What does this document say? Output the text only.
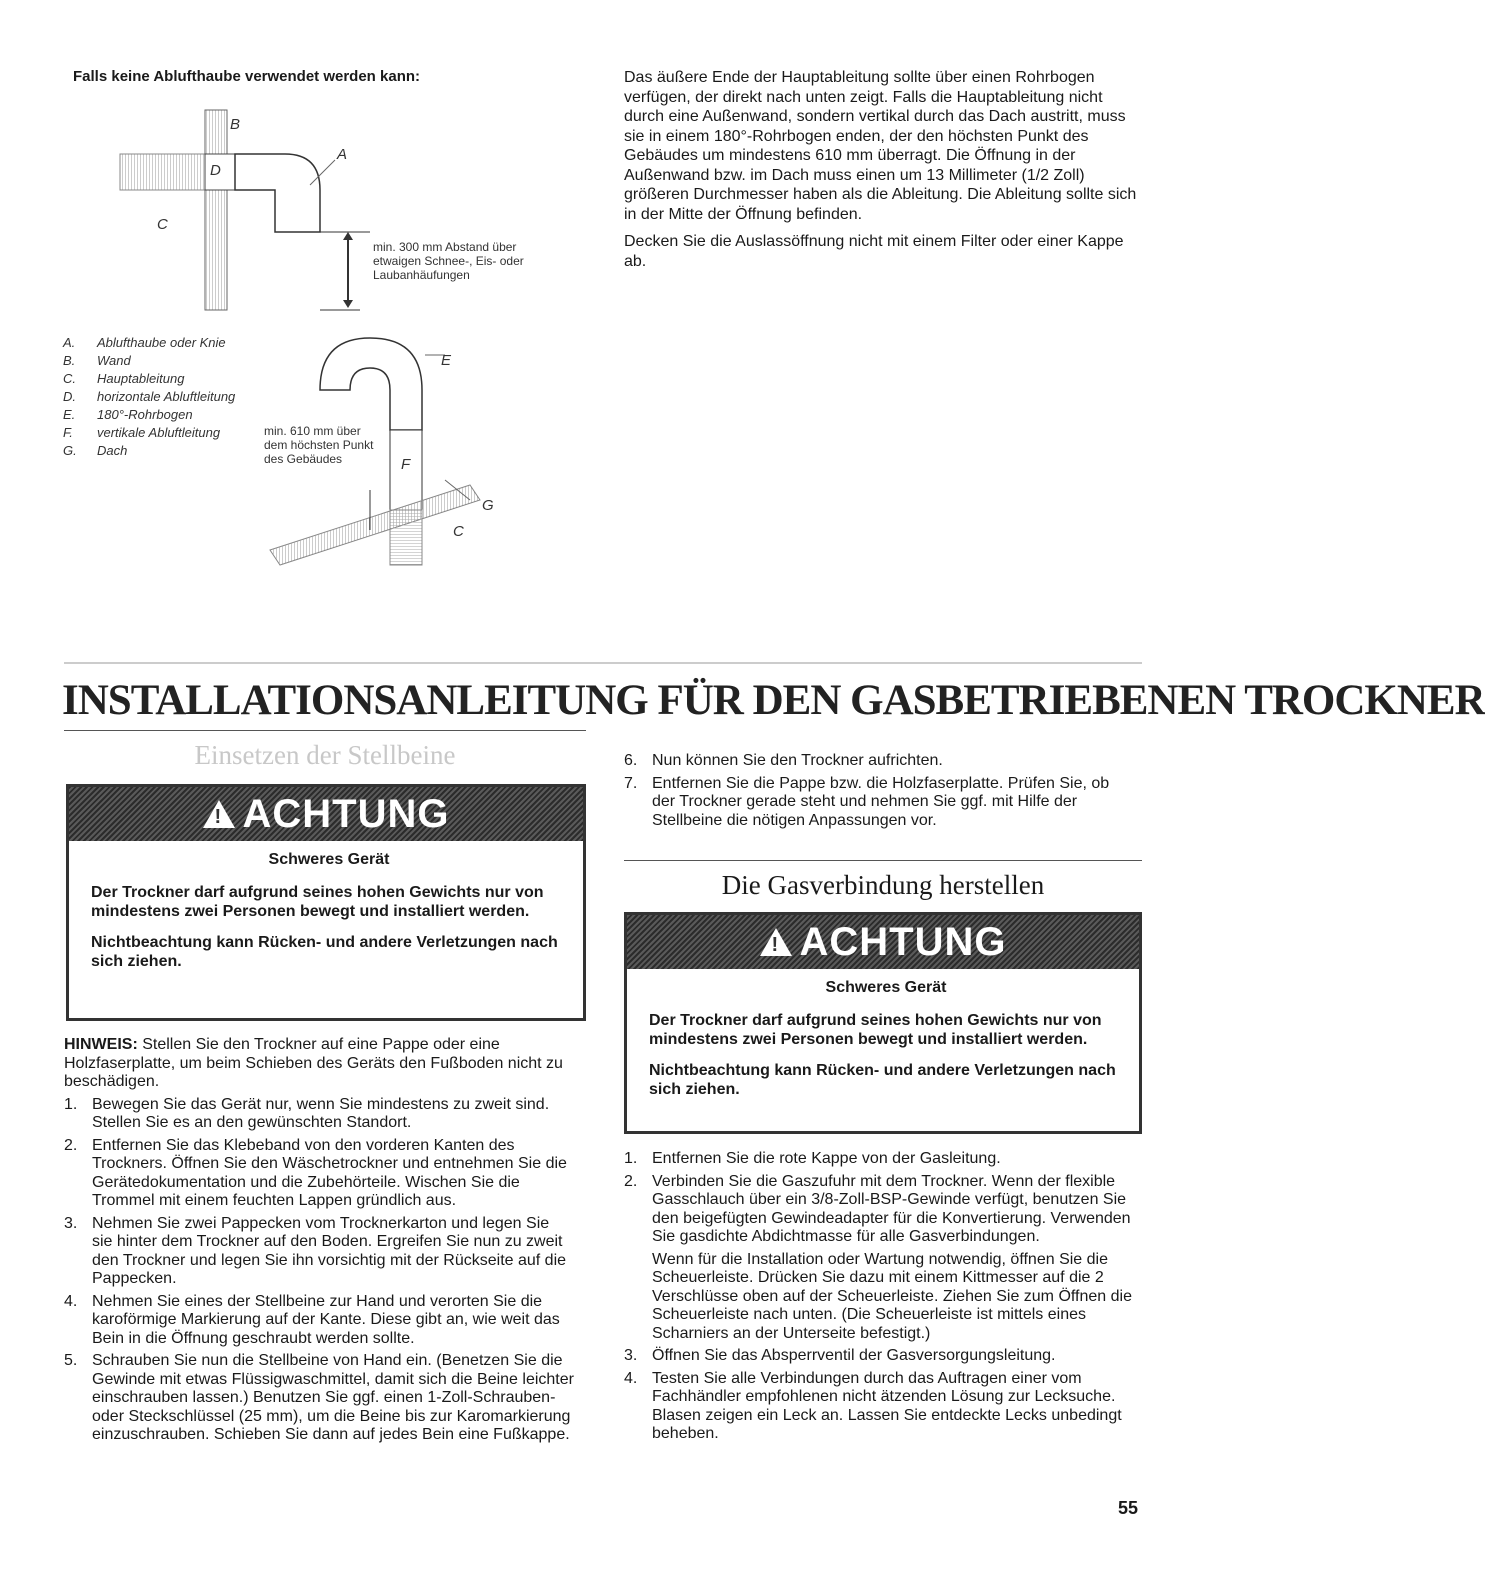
Falls keine Ablufthaube verwendet werden kann:
B
D
A
C
min. 300 mm Abstand über etwaigen Schnee-, Eis- oder Laubanhäufungen
A.	Ablufthaube oder Knie
B.	Wand
C.	Hauptableitung
D.	horizontale Abluftleitung
E.	180°-Rohrbogen
F.	vertikale Abluftleitung
G.	Dach
E
F
G
C
min. 610 mm über dem höchsten Punkt des Gebäudes

Das äußere Ende der Hauptableitung sollte über einen Rohrbogen verfügen, der direkt nach unten zeigt. Falls die Hauptableitung nicht durch eine Außenwand, sondern vertikal durch das Dach austritt, muss sie in einem 180°-Rohrbogen enden, der den höchsten Punkt des Gebäudes um mindestens 610 mm überragt. Die Öffnung in der Außenwand bzw. im Dach muss einen um 13 Millimeter (1/2 Zoll) größeren Durchmesser haben als die Ableitung. Die Ableitung sollte sich in der Mitte der Öffnung befinden.

Decken Sie die Auslassöffnung nicht mit einem Filter oder einer Kappe ab.

INSTALLATIONSANLEITUNG FÜR DEN GASBETRIEBENEN TROCKNER
Einsetzen der Stellbeine
!
ACHTUNG
Schweres Gerät

Der Trockner darf aufgrund seines hohen Gewichts nur von mindestens zwei Personen bewegt und installiert werden.

Nichtbeachtung kann Rücken- und andere Verletzungen nach sich ziehen.

HINWEIS: Stellen Sie den Trockner auf eine Pappe oder eine Holzfaserplatte, um beim Schieben des Geräts den Fußboden nicht zu beschädigen.

1. Bewegen Sie das Gerät nur, wenn Sie mindestens zu zweit sind. Stellen Sie es an den gewünschten Standort.
2. Entfernen Sie das Klebeband von den vorderen Kanten des Trockners. Öffnen Sie den Wäschetrockner und entnehmen Sie die Gerätedokumentation und die Zubehörteile. Wischen Sie die Trommel mit einem feuchten Lappen gründlich aus.
3. Nehmen Sie zwei Pappecken vom Trocknerkarton und legen Sie sie hinter dem Trockner auf den Boden. Ergreifen Sie nun zu zweit den Trockner und legen Sie ihn vorsichtig mit der Rückseite auf die Pappecken.
4. Nehmen Sie eines der Stellbeine zur Hand und verorten Sie die karoförmige Markierung auf der Kante. Diese gibt an, wie weit das Bein in die Öffnung geschraubt werden sollte.
5. Schrauben Sie nun die Stellbeine von Hand ein. (Benetzen Sie die Gewinde mit etwas Flüssigwaschmittel, damit sich die Beine leichter einschrauben lassen.) Benutzen Sie ggf. einen 1-Zoll-Schrauben- oder Steckschlüssel (25 mm), um die Beine bis zur Karomarkierung einzuschrauben. Schieben Sie dann auf jedes Bein eine Fußkappe.
6. Nun können Sie den Trockner aufrichten.
7. Entfernen Sie die Pappe bzw. die Holzfaserplatte. Prüfen Sie, ob der Trockner gerade steht und nehmen Sie ggf. mit Hilfe der Stellbeine die nötigen Anpassungen vor.
Die Gasverbindung herstellen
!
ACHTUNG
Schweres Gerät

Der Trockner darf aufgrund seines hohen Gewichts nur von mindestens zwei Personen bewegt und installiert werden.

Nichtbeachtung kann Rücken- und andere Verletzungen nach sich ziehen.

1. Entfernen Sie die rote Kappe von der Gasleitung.
2. Verbinden Sie die Gaszufuhr mit dem Trockner. Wenn der flexible Gasschlauch über ein 3/8-Zoll-BSP-Gewinde verfügt, benutzen Sie den beigefügten Gewindeadapter für die Konvertierung. Verwenden Sie gasdichte Abdichtmasse für alle Gasverbindungen.

Wenn für die Installation oder Wartung notwendig, öffnen Sie die Scheuerleiste. Drücken Sie dazu mit einem Kittmesser auf die 2 Verschlüsse oben auf der Scheuerleiste. Ziehen Sie zum Öffnen die Scheuerleiste nach unten. (Die Scheuerleiste ist mittels eines Scharniers an der Unterseite befestigt.)

3. Öffnen Sie das Absperrventil der Gasversorgungsleitung.
4. Testen Sie alle Verbindungen durch das Auftragen einer vom Fachhändler empfohlenen nicht ätzenden Lösung zur Lecksuche. Blasen zeigen ein Leck an. Lassen Sie entdeckte Lecks unbedingt beheben.
55
